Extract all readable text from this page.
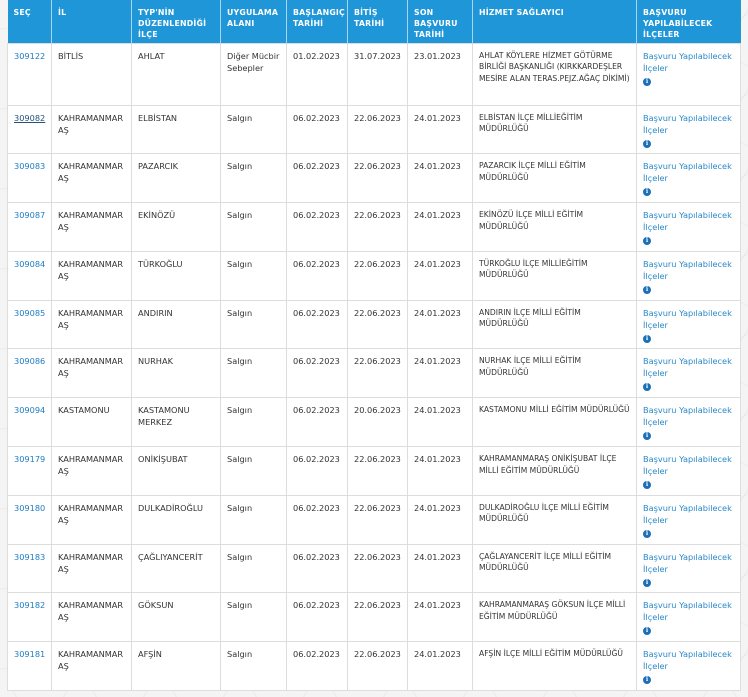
SEÇ	İL	TYP'NİN DÜZENLENDİĞİ İLÇE	UYGULAMA ALANI	BAŞLANGIÇ TARİHİ	BİTİŞ TARİHİ	SON BAŞVURU TARİHİ	HİZMET SAĞLAYICI	BAŞVURU YAPILABİLECEK İLÇELER
309122	BİTLİS	AHLAT	Diğer Mücbir Sebepler	01.02.2023	31.07.2023	23.01.2023	AHLAT KÖYLERE HİZMET GÖTÜRME BİRLİĞİ BAŞKANLIĞI (KIRKKARDEŞLER MESİRE ALAN TERAS.PEJZ.AĞAÇ DİKİMİ)	Başvuru Yapılabilecek İlçeler
i
309082	KAHRAMANMARAŞ	ELBİSTAN	Salgın	06.02.2023	22.06.2023	24.01.2023	ELBİSTAN İLÇE MİLLİEĞİTİM MÜDÜRLÜĞÜ	Başvuru Yapılabilecek İlçeler
i
309083	KAHRAMANMARAŞ	PAZARCIK	Salgın	06.02.2023	22.06.2023	24.01.2023	PAZARCIK İLÇE MİLLİ EĞİTİM MÜDÜRLÜĞÜ	Başvuru Yapılabilecek İlçeler
i
309087	KAHRAMANMARAŞ	EKİNÖZÜ	Salgın	06.02.2023	22.06.2023	24.01.2023	EKİNÖZÜ İLÇE MİLLİ EĞİTİM MÜDÜRLÜĞÜ	Başvuru Yapılabilecek İlçeler
i
309084	KAHRAMANMARAŞ	TÜRKOĞLU	Salgın	06.02.2023	22.06.2023	24.01.2023	TÜRKOĞLU İLÇE MİLLİEĞİTİM MÜDÜRLÜĞÜ	Başvuru Yapılabilecek İlçeler
i
309085	KAHRAMANMARAŞ	ANDIRIN	Salgın	06.02.2023	22.06.2023	24.01.2023	ANDIRIN İLÇE MİLLİ EĞİTİM MÜDÜRLÜĞÜ	Başvuru Yapılabilecek İlçeler
i
309086	KAHRAMANMARAŞ	NURHAK	Salgın	06.02.2023	22.06.2023	24.01.2023	NURHAK İLÇE MİLLİ EĞİTİM MÜDÜRLÜĞÜ	Başvuru Yapılabilecek İlçeler
i
309094	KASTAMONU	KASTAMONU MERKEZ	Salgın	06.02.2023	20.06.2023	24.01.2023	KASTAMONU MİLLİ EĞİTİM MÜDÜRLÜĞÜ	Başvuru Yapılabilecek İlçeler
i
309179	KAHRAMANMARAŞ	ONİKİŞUBAT	Salgın	06.02.2023	22.06.2023	24.01.2023	KAHRAMANMARAŞ ONİKİŞUBAT İLÇE MİLLİ EĞİTİM MÜDÜRLÜĞÜ	Başvuru Yapılabilecek İlçeler
i
309180	KAHRAMANMARAŞ	DULKADİROĞLU	Salgın	06.02.2023	22.06.2023	24.01.2023	DULKADİROĞLU İLÇE MİLLİ EĞİTİM MÜDÜRLÜĞÜ	Başvuru Yapılabilecek İlçeler
i
309183	KAHRAMANMARAŞ	ÇAĞLIYANCERİT	Salgın	06.02.2023	22.06.2023	24.01.2023	ÇAĞLAYANCERİT İLÇE MİLLİ EĞİTİM MÜDÜRLÜĞÜ	Başvuru Yapılabilecek İlçeler
i
309182	KAHRAMANMARAŞ	GÖKSUN	Salgın	06.02.2023	22.06.2023	24.01.2023	KAHRAMANMARAŞ GÖKSUN İLÇE MİLLİ EĞİTİM MÜDÜRLÜĞÜ	Başvuru Yapılabilecek İlçeler
i
309181	KAHRAMANMARAŞ	AFŞİN	Salgın	06.02.2023	22.06.2023	24.01.2023	AFŞİN İLÇE MİLLİ EĞİTİM MÜDÜRLÜĞÜ	Başvuru Yapılabilecek İlçeler
i
